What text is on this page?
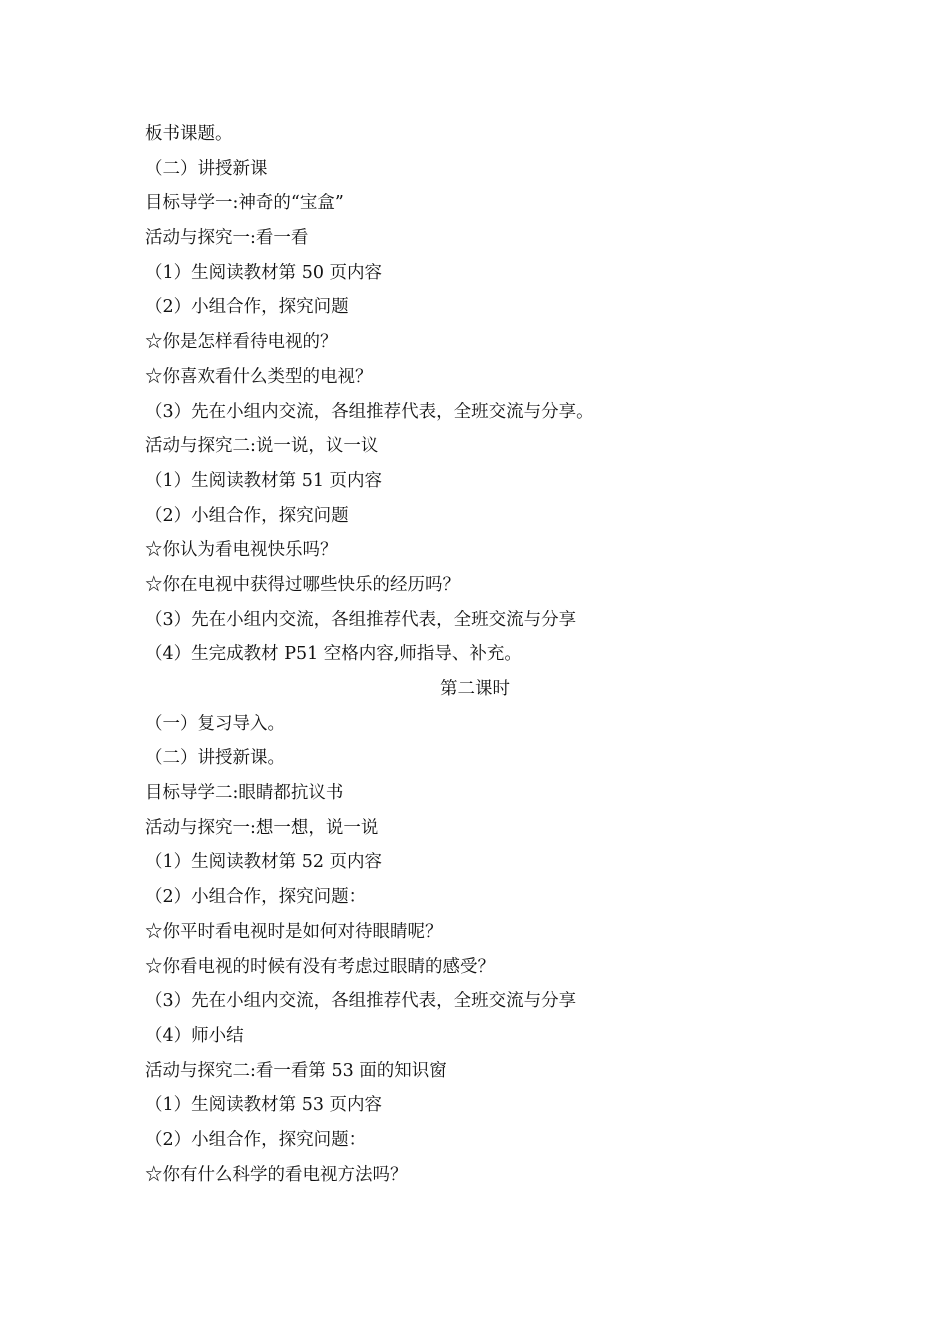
板书课题。
（二）讲授新课
目标导学一:神奇的“宝盒”
活动与探究一:看一看
（1）生阅读教材第 50 页内容
（2）小组合作，探究问题
☆你是怎样看待电视的？
☆你喜欢看什么类型的电视？
（3）先在小组内交流，各组推荐代表，全班交流与分享。
活动与探究二:说一说，议一议
（1）生阅读教材第 51 页内容
（2）小组合作，探究问题
☆你认为看电视快乐吗？
☆你在电视中获得过哪些快乐的经历吗？
（3）先在小组内交流，各组推荐代表，全班交流与分享
（4）生完成教材 P51 空格内容,师指导、补充。
第二课时
（一）复习导入。
（二）讲授新课。
目标导学二:眼睛都抗议书
活动与探究一:想一想，说一说
（1）生阅读教材第 52 页内容
（2）小组合作，探究问题：
☆你平时看电视时是如何对待眼睛呢？
☆你看电视的时候有没有考虑过眼睛的感受？
（3）先在小组内交流，各组推荐代表，全班交流与分享
（4）师小结
活动与探究二:看一看第 53 面的知识窗
（1）生阅读教材第 53 页内容
（2）小组合作，探究问题：
☆你有什么科学的看电视方法吗？
